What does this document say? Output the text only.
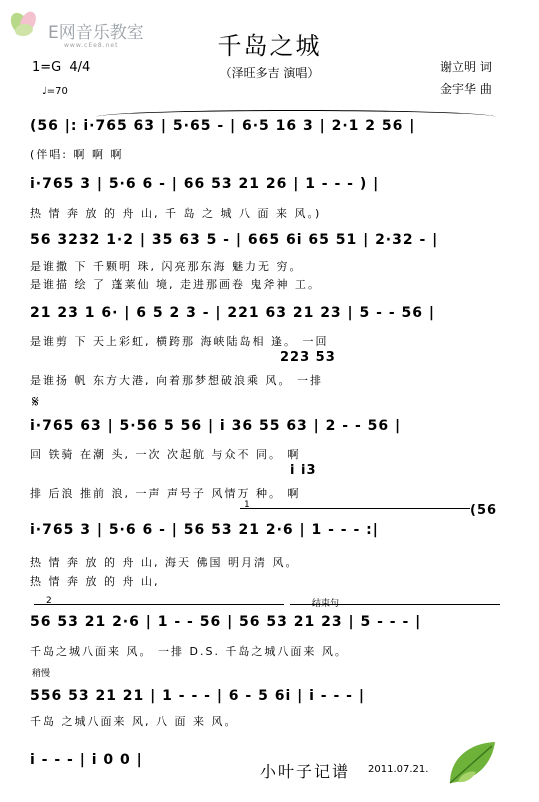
E网音乐教室
www.cEe8.net	千岛之城
（泽旺多吉 演唱）	谢立明 词
金宇华 曲
1=G 4/4
♩=70
(56 |: i·765 63 | 5·65 - | 6·5 16 3 | 2·1 2 56 |
(伴唱: 啊 啊 啊
i·765 3 | 5·6 6 - | 66 53 21 26 | 1 - - - ) |
热 情 奔 放 的 舟 山, 千 岛 之 城 八 面 来 风。)
56 3232 1·2 | 35 63 5 - | 665 6i 65 51 | 2·32 - |
是谁撒 下 千颗明 珠, 闪亮那东海 魅力无 穷。
是谁描 绘 了 蓬莱仙 境, 走进那画卷 鬼斧神 工。
21 23 1 6· | 6 5 2 3 - | 221 63 21 23 | 5 - - 56 |
是谁剪 下 天上彩虹, 横跨那 海峡陆岛相 逢。 一回
223 53
是谁扬 帆 东方大港, 向着那梦想破浪乘 风。 一排
𝄋
i·765 63 | 5·56 5 56 | i 36 55 63 | 2 - - 56 |
回 铁骑 在潮 头, 一次 次起航 与众不 同。 啊
i i3
排 后浪 推前 浪, 一声 声号子 风情万 种。 啊
1	(56
i·765 3 | 5·6 6 - | 56 53 21 2·6 | 1 - - - :|
热 情 奔 放 的 舟 山, 海天 佛国 明月清 风。
热 情 奔 放 的 舟 山,
2	结束句
56 53 21 2·6 | 1 - - 56 | 56 53 21 23 | 5 - - - |
千岛之城八面来 风。 一排 D.S. 千岛之城八面来 风。
稍慢
556 53 21 21 | 1 - - - | 6 - 5 6i | i - - - |
千岛 之城八面来 风, 八 面 来 风。
i - - - | i 0 0 |
小叶子记谱 2011.07.21.
